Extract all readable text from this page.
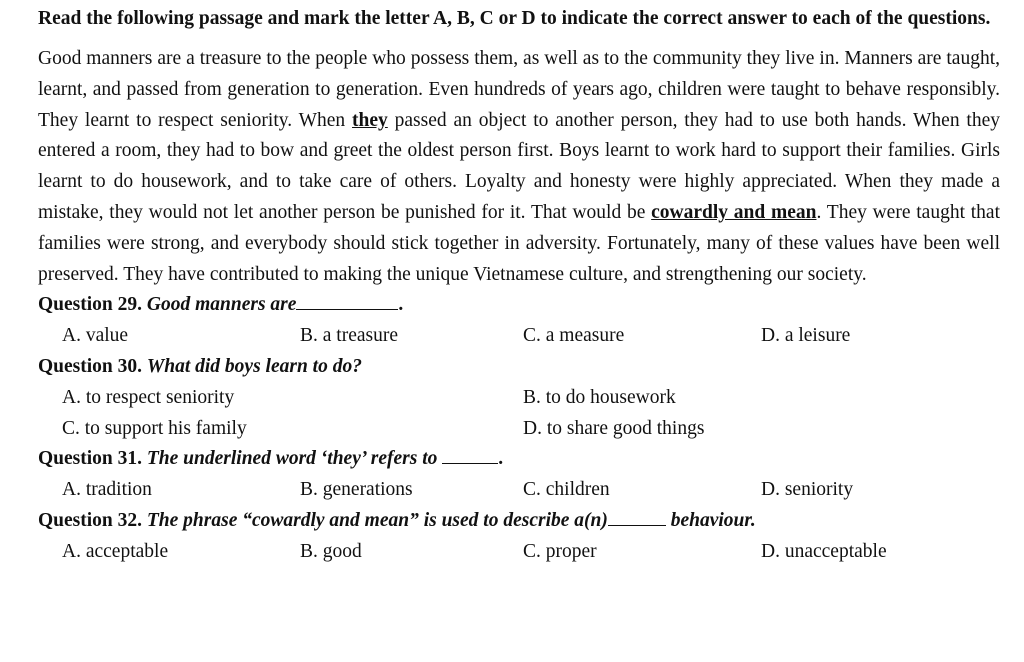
Read the following passage and mark the letter A, B, C or D to indicate the correct answer to each of the questions.

Good manners are a treasure to the people who possess them, as well as to the community they live in. Manners are taught, learnt, and passed from generation to generation. Even hundreds of years ago, children were taught to behave responsibly. They learnt to respect seniority. When they passed an object to another person, they had to use both hands. When they entered a room, they had to bow and greet the oldest person first. Boys learnt to work hard to support their families. Girls learnt to do housework, and to take care of others. Loyalty and honesty were highly appreciated. When they made a mistake, they would not let another person be punished for it. That would be cowardly and mean. They were taught that families were strong, and everybody should stick together in adversity. Fortunately, many of these values have been well preserved. They have contributed to making the unique Vietnamese culture, and strengthening our society.

Question 29. Good manners are	.
A. value	B. a treasure	C. a measure	D. a leisure
Question 30. What did boys learn to do?
A. to respect seniority	B. to do housework
C. to support his family	D. to share good things
Question 31. The underlined word ‘they’ refers to	.
A. tradition	B. generations	C. children	D. seniority
Question 32. The phrase “cowardly and mean” is used to describe a(n)	behaviour.
A. acceptable	B. good	C. proper	D. unacceptable
